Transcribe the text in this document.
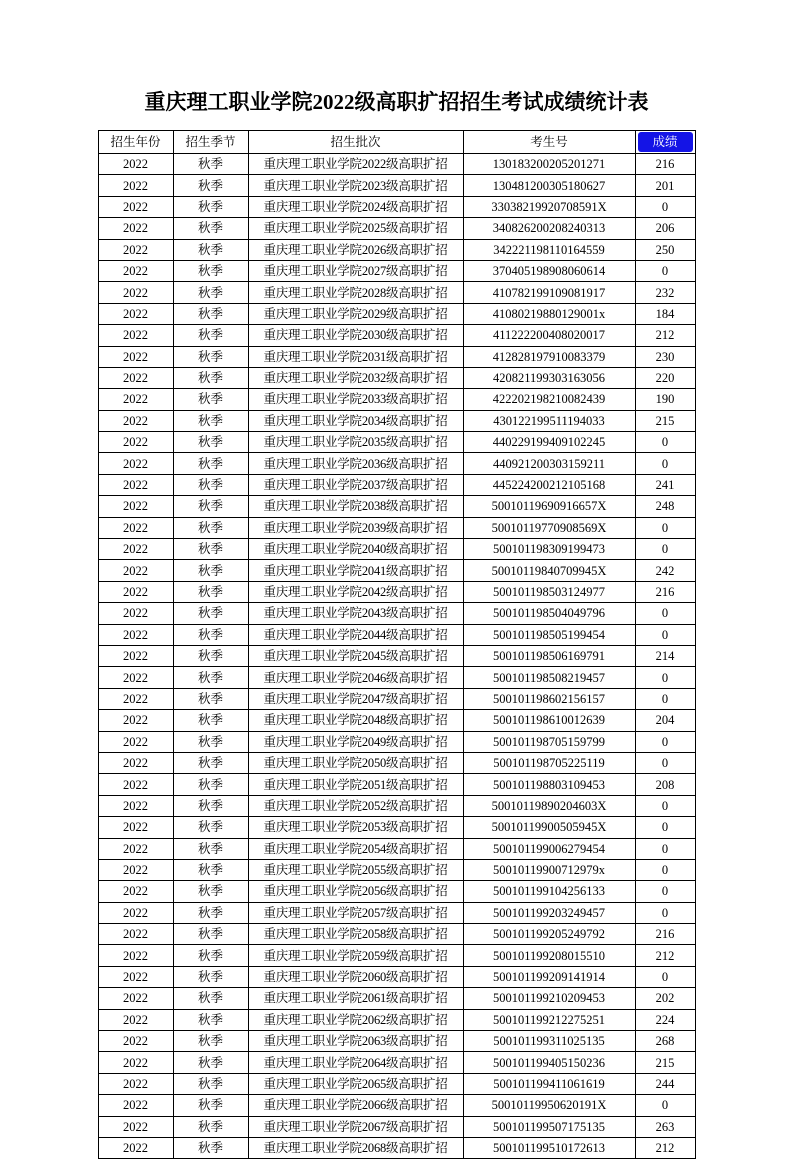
重庆理工职业学院2022级高职扩招招生考试成绩统计表
招生年份	招生季节	招生批次	考生号	成绩

2022	秋季	重庆理工职业学院2022级高职扩招	130183200205201271	216
2022	秋季	重庆理工职业学院2023级高职扩招	130481200305180627	201
2022	秋季	重庆理工职业学院2024级高职扩招	33038219920708591X	0
2022	秋季	重庆理工职业学院2025级高职扩招	340826200208240313	206
2022	秋季	重庆理工职业学院2026级高职扩招	342221198110164559	250
2022	秋季	重庆理工职业学院2027级高职扩招	370405198908060614	0
2022	秋季	重庆理工职业学院2028级高职扩招	410782199109081917	232
2022	秋季	重庆理工职业学院2029级高职扩招	41080219880129001x	184
2022	秋季	重庆理工职业学院2030级高职扩招	411222200408020017	212
2022	秋季	重庆理工职业学院2031级高职扩招	412828197910083379	230
2022	秋季	重庆理工职业学院2032级高职扩招	420821199303163056	220
2022	秋季	重庆理工职业学院2033级高职扩招	422202198210082439	190
2022	秋季	重庆理工职业学院2034级高职扩招	430122199511194033	215
2022	秋季	重庆理工职业学院2035级高职扩招	440229199409102245	0
2022	秋季	重庆理工职业学院2036级高职扩招	440921200303159211	0
2022	秋季	重庆理工职业学院2037级高职扩招	445224200212105168	241
2022	秋季	重庆理工职业学院2038级高职扩招	50010119690916657X	248
2022	秋季	重庆理工职业学院2039级高职扩招	50010119770908569X	0
2022	秋季	重庆理工职业学院2040级高职扩招	500101198309199473	0
2022	秋季	重庆理工职业学院2041级高职扩招	50010119840709945X	242
2022	秋季	重庆理工职业学院2042级高职扩招	500101198503124977	216
2022	秋季	重庆理工职业学院2043级高职扩招	500101198504049796	0
2022	秋季	重庆理工职业学院2044级高职扩招	500101198505199454	0
2022	秋季	重庆理工职业学院2045级高职扩招	500101198506169791	214
2022	秋季	重庆理工职业学院2046级高职扩招	500101198508219457	0
2022	秋季	重庆理工职业学院2047级高职扩招	500101198602156157	0
2022	秋季	重庆理工职业学院2048级高职扩招	500101198610012639	204
2022	秋季	重庆理工职业学院2049级高职扩招	500101198705159799	0
2022	秋季	重庆理工职业学院2050级高职扩招	500101198705225119	0
2022	秋季	重庆理工职业学院2051级高职扩招	500101198803109453	208
2022	秋季	重庆理工职业学院2052级高职扩招	50010119890204603X	0
2022	秋季	重庆理工职业学院2053级高职扩招	50010119900505945X	0
2022	秋季	重庆理工职业学院2054级高职扩招	500101199006279454	0
2022	秋季	重庆理工职业学院2055级高职扩招	50010119900712979x	0
2022	秋季	重庆理工职业学院2056级高职扩招	500101199104256133	0
2022	秋季	重庆理工职业学院2057级高职扩招	500101199203249457	0
2022	秋季	重庆理工职业学院2058级高职扩招	500101199205249792	216
2022	秋季	重庆理工职业学院2059级高职扩招	500101199208015510	212
2022	秋季	重庆理工职业学院2060级高职扩招	500101199209141914	0
2022	秋季	重庆理工职业学院2061级高职扩招	500101199210209453	202
2022	秋季	重庆理工职业学院2062级高职扩招	500101199212275251	224
2022	秋季	重庆理工职业学院2063级高职扩招	500101199311025135	268
2022	秋季	重庆理工职业学院2064级高职扩招	500101199405150236	215
2022	秋季	重庆理工职业学院2065级高职扩招	500101199411061619	244
2022	秋季	重庆理工职业学院2066级高职扩招	50010119950620191X	0
2022	秋季	重庆理工职业学院2067级高职扩招	500101199507175135	263
2022	秋季	重庆理工职业学院2068级高职扩招	500101199510172613	212
